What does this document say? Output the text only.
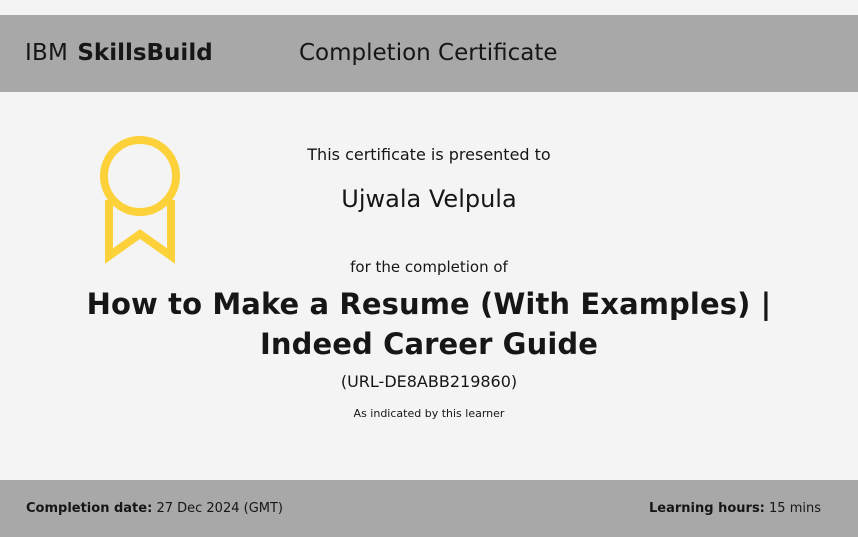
IBM SkillsBuild	Completion Certificate
This certificate is presented to
Ujwala Velpula
for the completion of
How to Make a Resume (With Examples) |
Indeed Career Guide
(URL-DE8ABB219860)
As indicated by this learner
Completion date: 27 Dec 2024 (GMT)	Learning hours: 15 mins
